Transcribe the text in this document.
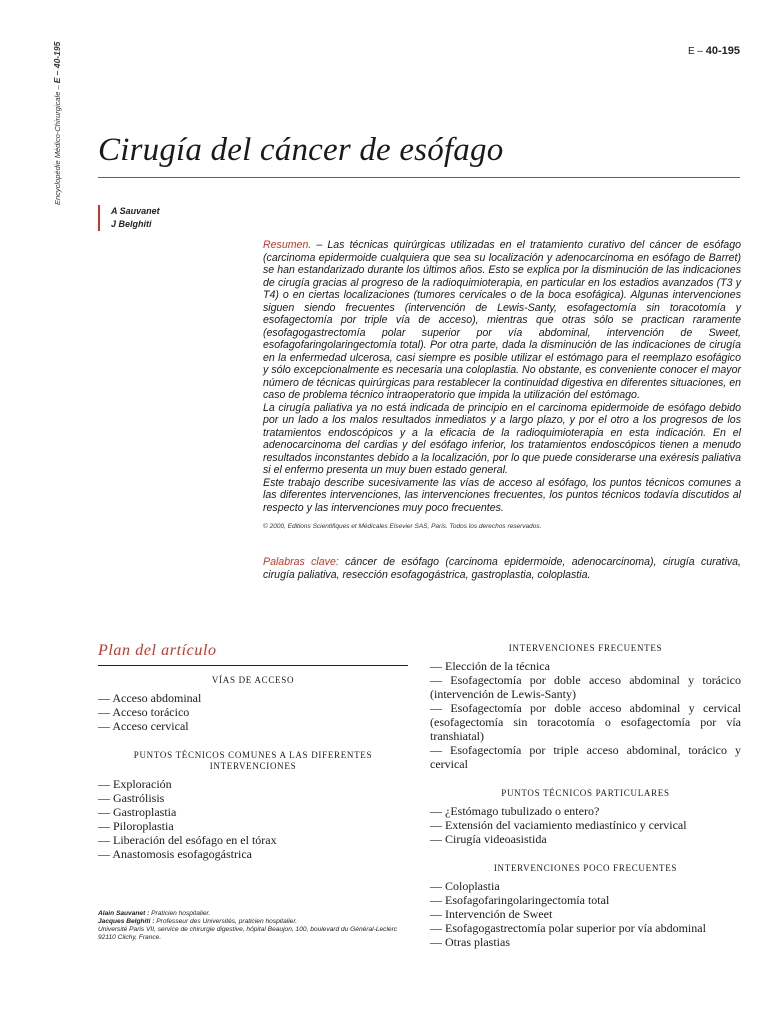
Encyclopédie Médico-Chirurgicale – E – 40-195	E – 40-195
Cirugía del cáncer de esófago
A Sauvanet
J Belghiti

Resumen. – Las técnicas quirúrgicas utilizadas en el tratamiento curativo del cáncer de esófago (carcinoma epidermoide cualquiera que sea su localización y adenocarcinoma en esófago de Barret) se han estandarizado durante los últimos años. Esto se explica por la disminución de las indicaciones de cirugía gracias al progreso de la radioquimioterapia, en particular en los estadios avanzados (T3 y T4) o en ciertas localizaciones (tumores cervicales o de la boca esofágica). Algunas intervenciones siguen siendo frecuentes (intervención de Lewis-Santy, esofagectomía sin toracotomía y esofagectomía por triple vía de acceso), mientras que otras sólo se practican raramente (esofagogastrectomía polar superior por vía abdominal, intervención de Sweet, esofagofaringolaringectomía total). Por otra parte, dada la disminución de las indicaciones de cirugía en la enfermedad ulcerosa, casi siempre es posible utilizar el estómago para el reemplazo esofágico y sólo excepcionalmente es necesaria una coloplastia. No obstante, es conveniente conocer el mayor número de técnicas quirúrgicas para restablecer la continuidad digestiva en diferentes situaciones, en caso de problema técnico intraoperatorio que impida la utilización del estómago.

La cirugía paliativa ya no está indicada de principio en el carcinoma epidermoide de esófago debido por un lado a los malos resultados inmediatos y a largo plazo, y por el otro a los progresos de los tratamientos endoscópicos y a la eficacia de la radioquimioterapia en esta indicación. En el adenocarcinoma del cardias y del esófago inferior, los tratamientos endoscópicos tienen a menudo resultados inconstantes debido a la localización, por lo que puede considerarse una exéresis paliativa si el enfermo presenta un muy buen estado general.

Este trabajo describe sucesivamente las vías de acceso al esófago, los puntos técnicos comunes a las diferentes intervenciones, las intervenciones frecuentes, los puntos técnicos todavía discutidos al respecto y las intervenciones muy poco frecuentes.

© 2000, Editions Scientifiques et Médicales Elsevier SAS, Paris. Todos los derechos reservados.
Palabras clave: cáncer de esófago (carcinoma epidermoide, adenocarcinoma), cirugía curativa, cirugía paliativa, resección esofagogástrica, gastroplastia, coloplastia.
Plan del artículo
VÍAS DE ACCESO
— Acceso abdominal
— Acceso torácico
— Acceso cervical
PUNTOS TÉCNICOS COMUNES A LAS DIFERENTES INTERVENCIONES
— Exploración
— Gastrólisis
— Gastroplastia
— Piloroplastia
— Liberación del esófago en el tórax
— Anastomosis esofagogástrica
INTERVENCIONES FRECUENTES
— Elección de la técnica
— Esofagectomía por doble acceso abdominal y torácico (intervención de Lewis-Santy)
— Esofagectomía por doble acceso abdominal y cervical (esofagectomía sin toracotomía o esofagectomía por vía transhiatal)
— Esofagectomía por triple acceso abdominal, torácico y cervical
PUNTOS TÉCNICOS PARTICULARES
— ¿Estómago tubulizado o entero?
— Extensión del vaciamiento mediastínico y cervical
— Cirugía videoasistida
INTERVENCIONES POCO FRECUENTES
— Coloplastia
— Esofagofaringolaringectomía total
— Intervención de Sweet
— Esofagogastrectomía polar superior por vía abdominal
— Otras plastias
Alain Sauvanet : Praticien hospitalier.
Jacques Belghiti : Professeur des Universités, praticien hospitalier.
Université Paris VII, service de chirurgie digestive, hôpital Beaujon, 100, boulevard du Général-Leclerc 92110 Clichy, France.
